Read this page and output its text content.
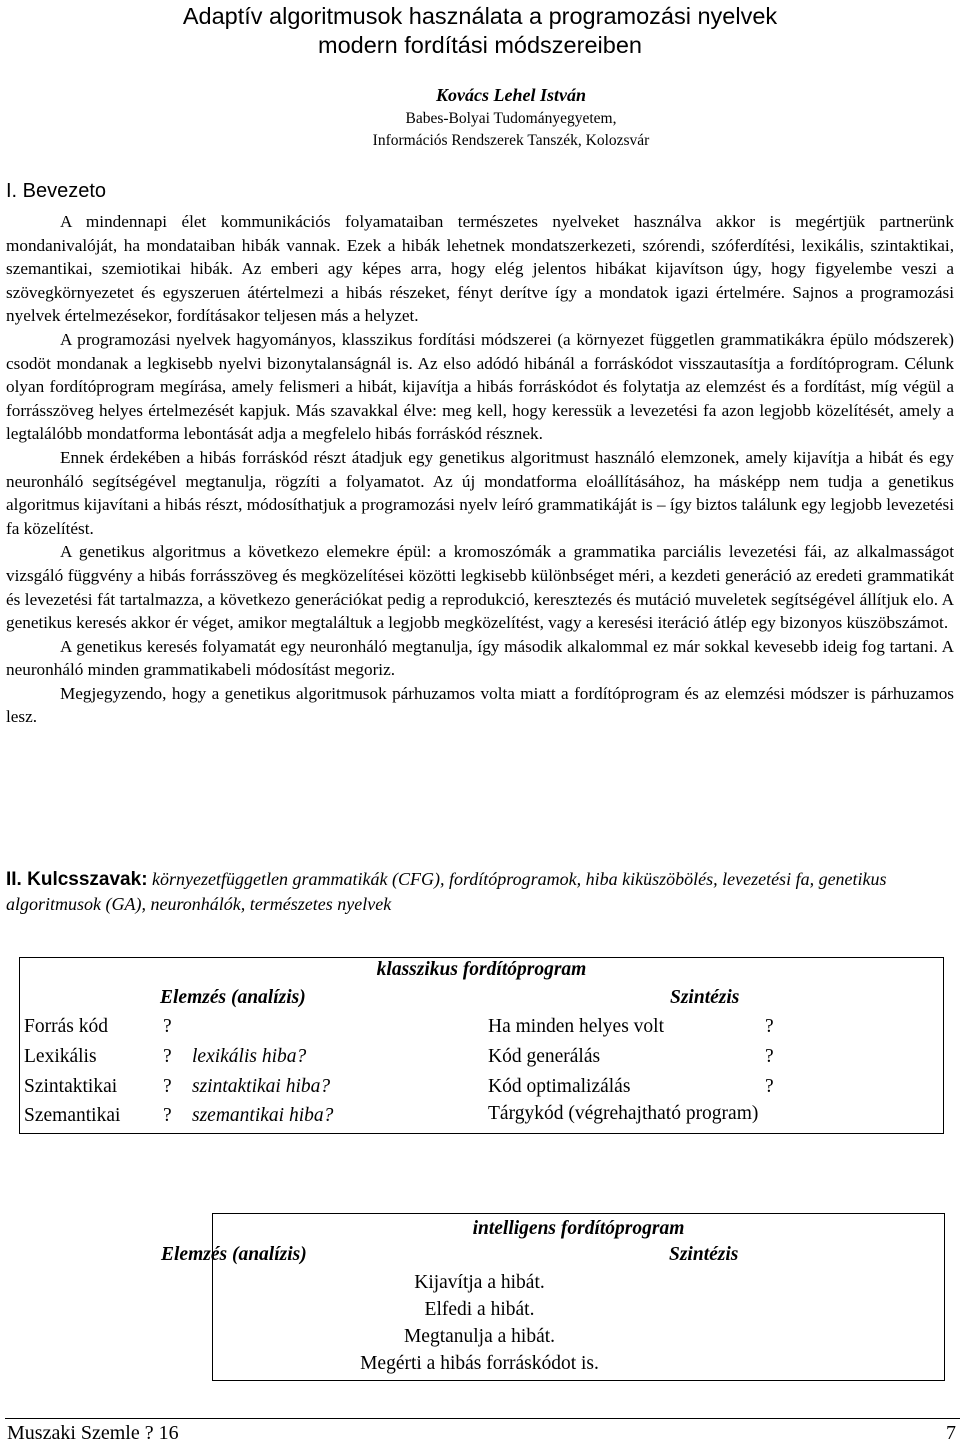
Adaptív algoritmusok használata a programozási nyelvek
modern fordítási módszereiben
Kovács Lehel István
Babes-Bolyai Tudományegyetem,
Információs Rendszerek Tanszék, Kolozsvár
I. Bevezeto

A mindennapi élet kommunikációs folyamataiban természetes nyelveket használva akkor is megértjük partnerünk mondanivalóját, ha mondataiban hibák vannak. Ezek a hibák lehetnek mondatszerkezeti, szórendi, szóferdítési, lexikális, szintaktikai, szemantikai, szemiotikai hibák. Az emberi agy képes arra, hogy elég jelentos hibákat kijavítson úgy, hogy figyelembe veszi a szövegkörnyezetet és egyszeruen átértelmezi a hibás részeket, fényt derítve így a mondatok igazi értelmére. Sajnos a programozási nyelvek értelmezésekor, fordításakor teljesen más a helyzet.

A programozási nyelvek hagyományos, klasszikus fordítási módszerei (a környezet független grammatikákra épülo módszerek) csodöt mondanak a legkisebb nyelvi bizonytalanságnál is. Az elso adódó hibánál a forráskódot visszautasítja a fordítóprogram. Célunk olyan fordítóprogram megírása, amely felismeri a hibát, kijavítja a hibás forráskódot és folytatja az elemzést és a fordítást, míg végül a forrásszöveg helyes értelmezését kapjuk. Más szavakkal élve: meg kell, hogy keressük a levezetési fa azon legjobb közelítését, amely a legtalálóbb mondatforma lebontását adja a megfelelo hibás forráskód résznek.

Ennek érdekében a hibás forráskód részt átadjuk egy genetikus algoritmust használó elemzonek, amely kijavítja a hibát és egy neuronháló segítségével megtanulja, rögzíti a folyamatot. Az új mondatforma eloállításához, ha másképp nem tudja a genetikus algoritmus kijavítani a hibás részt, módosíthatjuk a programozási nyelv leíró grammatikáját is – így biztos találunk egy legjobb levezetési fa közelítést.

A genetikus algoritmus a következo elemekre épül: a kromoszómák a grammatika parciális levezetési fái, az alkalmasságot vizsgáló függvény a hibás forrásszöveg és megközelítései közötti legkisebb különbséget méri, a kezdeti generáció az eredeti grammatikát és levezetési fát tartalmazza, a következo generációkat pedig a reprodukció, keresztezés és mutáció muveletek segítségével állítjuk elo. A genetikus keresés akkor ér véget, amikor megtaláltuk a legjobb megközelítést, vagy a keresési iteráció átlép egy bizonyos küszöbszámot.

A genetikus keresés folyamatát egy neuronháló megtanulja, így második alkalommal ez már sokkal kevesebb ideig fog tartani. A neuronháló minden grammatikabeli módosítást megoriz.

Megjegyzendo, hogy a genetikus algoritmusok párhuzamos volta miatt a fordítóprogram és az elemzési módszer is párhuzamos lesz.

II. Kulcsszavak: környezetfüggetlen grammatikák (CFG), fordítóprogramok, hiba kiküszöbölés, levezetési fa, genetikus algoritmusok (GA), neuronhálók, természetes nyelvek
klasszikus fordítóprogram
Elemzés (analízis)	Szintézis
Forrás kód	?	Ha minden helyes volt	?
Lexikális	? lexikális hiba?	Kód generálás	?
Szintaktikai ? szintaktikai hiba?	Kód optimalizálás	?
Szemantikai ? szemantikai hiba?	Tárgykód (végrehajtható program)
intelligens fordítóprogram
Elemzés (analízis)	Szintézis
Kijavítja a hibát.
Elfedi a hibát.
Megtanulja a hibát.
Megérti a hibás forráskódot is.
Muszaki Szemle ? 16	7
